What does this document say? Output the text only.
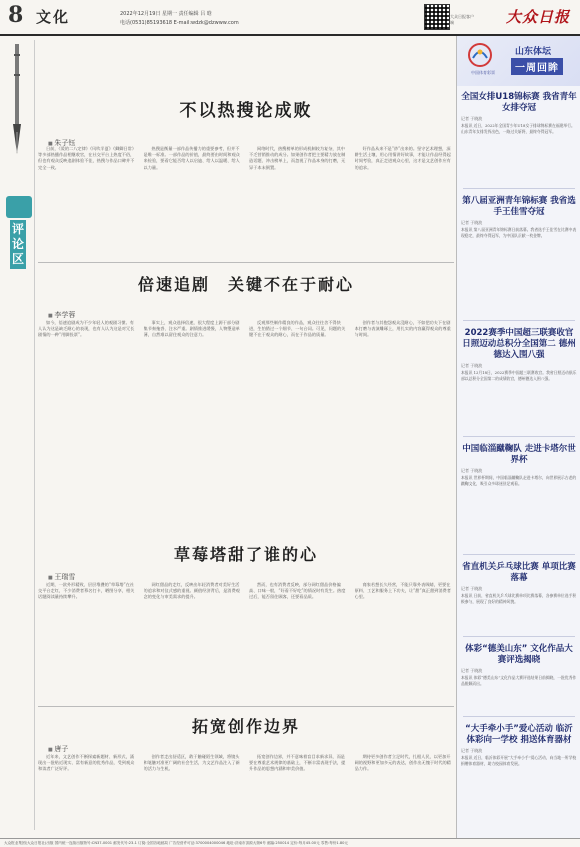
8 文化	2022年12月19日 星期一 责任编辑 吕 晗
电话(0531)85193618 E-mail:wdzk@dzwww.com
大众日报客户端	大众日报
评论区
不以热搜论成败
■ 朱子钰

日前，《爱的二八定律》《风吹半夏》《卿卿日常》等多部热播作品相继收官，在社交平台上热度不俗，但也有观众反映追剧体验不佳，热搜与作品口碑并不完全一致。

热搜是衡量一部作品传播力的重要参考，但并不是唯一标准。一部作品的价值，最终要由时间和观众来检验，要看它能否给人以启迪、给人以温暖、给人以力量。

网络时代，热搜榜单的形成机制较为复杂，其中不乏营销推动的成分。如果创作者把主要精力放在制造话题、冲击榜单上，而忽视了作品本身的打磨，无异于本末倒置。

好作品从来不是“炒”出来的。坚守艺术理想，深耕生活土壤，用心用情讲好故事，才能让作品经得起时间考验，真正走进观众心里，这才是文艺创作应有的追求。

倍速追剧　关键不在于耐心
■ 李学蓉

如今，倍速追剧成为不少年轻人的观剧习惯。有人认为这是缺乏耐心的表现，也有人认为这是对冗长剧情的一种“用脚投票”。

事实上，观众选择倍速，很大程度上源于部分剧集节奏拖沓、注水严重。剧情推进缓慢，人物塑造单薄，自然难以留住观众的注意力。

反观那些制作精良的作品，观众往往舍不得快进，生怕错过一个细节、一句台词。可见，问题的关键不在于观众的耐心，而在于作品的质量。

创作者与其抱怨观众没耐心，不如把功夫下在剧本打磨与表演雕琢上，用扎实的内容赢得观众的尊重与时间。

草莓塔甜了谁的心
■ 王瑞雪

近期，一款外形精致、层层堆叠的“草莓塔”在社交平台走红，不少消费者慕名打卡，晒图分享，相关话题阅读量持续攀升。

网红甜品的走红，反映出年轻消费者对美好生活的追求和对仪式感的重视。颜值经济背后，是消费观念的变化与审美需求的提升。

然而，也有消费者反映，部分网红甜品价格偏高、口味一般，“好看不好吃”的情况时有发生。热度过后，能否留住顾客，还要看品质。

商家若想长久经营，不能只靠外表吸睛，更要在原料、工艺和服务上下功夫，让“甜”真正甜到消费者心里。

拓宽创作边界
■ 唐子

近年来，文艺创作不断探索新题材、新形式，涌现出一批贴近现实、富有新意的优秀作品，受到观众和读者广泛好评。

创作者走出舒适区，敢于触碰陌生领域，将镜头和笔触对准更广阔的社会生活，为文艺作品注入了新的活力与生机。

拓宽创作边界，并不意味着盲目求新求异，而是要在尊重艺术规律的基础上，不断丰富表现手法，提升作品的思想内涵和审美价值。

期待更多创作者立足时代，扎根人民，以更加开阔的视野和更加多元的表达，创作出无愧于时代的精品力作。

中国体育彩票
山东体坛
一周回眸
全国女排U18锦标赛 我省青年女排夺冠
记者 于晓波
本报讯 近日，2022年全国青少年U18女子排球锦标赛在福建举行。山东青年女排发挥出色，一路过关斩将，最终夺得冠军。
第八届亚洲青年锦标赛 我省选手王佳雪夺冠
记者 于晓波
本报讯 第八届亚洲青年锦标赛日前落幕。我省选手王佳雪在比赛中表现稳定，最终夺得冠军，为中国队贡献一枚金牌。
2022赛季中国超三联赛收官 日照迈动总积分全国第二 德州德达入围八强
记者 于晓波
本报讯 12月18日，2022赛季中国超三联赛收官。我省日照迈动俱乐部以总积分全国第二的成绩收官，德州德达入围八强。
中国临淄蹴鞠队 走进卡塔尔世界杯
记者 于晓波
本报讯 世界杯期间，中国临淄蹴鞠队走进卡塔尔，向世界展示古老的蹴鞠文化，吸引众多球迷驻足观看。
省直机关乒乓球比赛 单项比赛落幕
记者 于晓波
本报讯 日前，省直机关乒乓球比赛单项比赛落幕，各参赛单位选手积极参与，展现了良好的精神风貌。
体彩“德美山东” 文化作品大赛评选揭晓
记者 于晓波
本报讯 体彩“德美山东”文化作品大赛评选结果日前揭晓，一批优秀作品脱颖而出。
“大手牵小手”爱心活动 临沂体彩向一学校 捐送体育器材
记者 于晓波
本报讯 近日，临沂体彩开展“大手牵小手”爱心活动，向当地一所学校捐赠体育器材，助力校园体育发展。
大众报业集团(大众日报社)出版 国内统一连续出版物号:CN37-0001 邮发代号:23-1 订阅:全国各地邮局 广告经营许可证:3700004000046 地址:济南市泺源大街6号 邮编:250014 定价:每月45.00元 零售:每份1.80元
